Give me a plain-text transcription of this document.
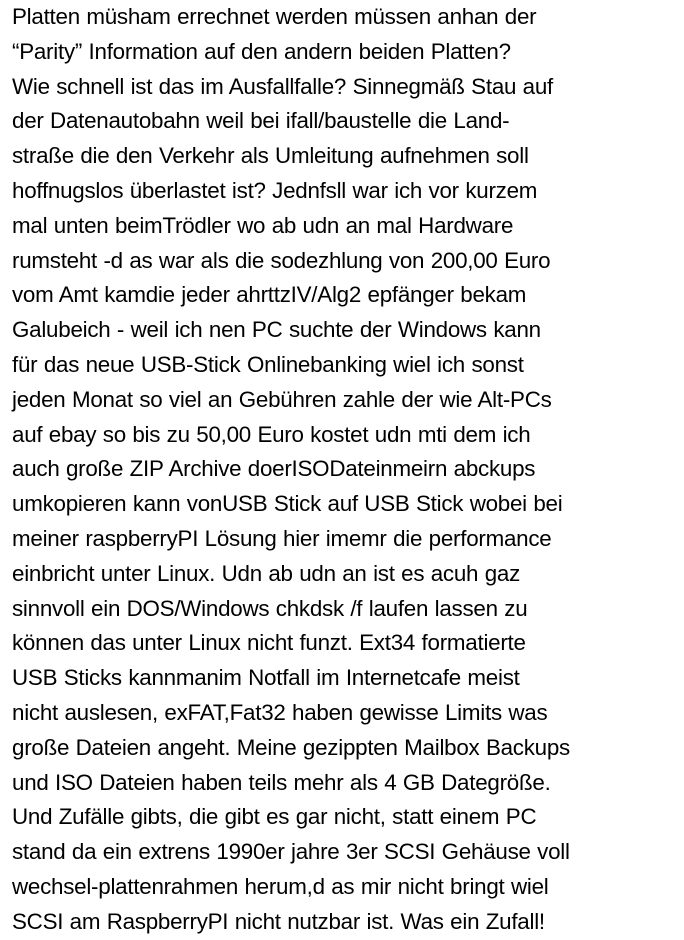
Platten müsham errechnet werden müssen anhan der
“Parity” Information auf den andern beiden Platten?
Wie schnell ist das im Ausfallfalle? Sinnegmäß Stau auf
der Datenautobahn weil bei ifall/baustelle die Land-
straße die den Verkehr als Umleitung aufnehmen soll
hoffnugslos überlastet ist? Jednfsll war ich vor kurzem
mal unten beimTrödler wo ab udn an mal Hardware
rumsteht -d as war als die sodezhlung von 200,00 Euro
vom Amt kamdie jeder ahrttzIV/Alg2 epfänger bekam
Galubeich - weil ich nen PC suchte der Windows kann
für das neue USB-Stick Onlinebanking wiel ich sonst
jeden Monat so viel an Gebühren zahle der wie Alt-PCs
auf ebay so bis zu 50,00 Euro kostet udn mti dem ich
auch große ZIP Archive doerISODateinmeirn abckups
umkopieren kann vonUSB Stick auf USB Stick wobei bei
meiner raspberryPI Lösung hier imemr die performance
einbricht unter Linux. Udn ab udn an ist es acuh gaz
sinnvoll ein DOS/Windows chkdsk /f laufen lassen zu
können das unter Linux nicht funzt. Ext34 formatierte
USB Sticks kannmanim Notfall im Internetcafe meist
nicht auslesen, exFAT,Fat32 haben gewisse Limits was
große Dateien angeht. Meine gezippten Mailbox Backups
und ISO Dateien haben teils mehr als 4 GB Dategröße.
Und Zufälle gibts, die gibt es gar nicht, statt einem PC
stand da ein extrens 1990er jahre 3er SCSI Gehäuse voll
wechsel-plattenrahmen herum,d as mir nicht bringt wiel
SCSI am RaspberryPI nicht nutzbar ist. Was ein Zufall!
